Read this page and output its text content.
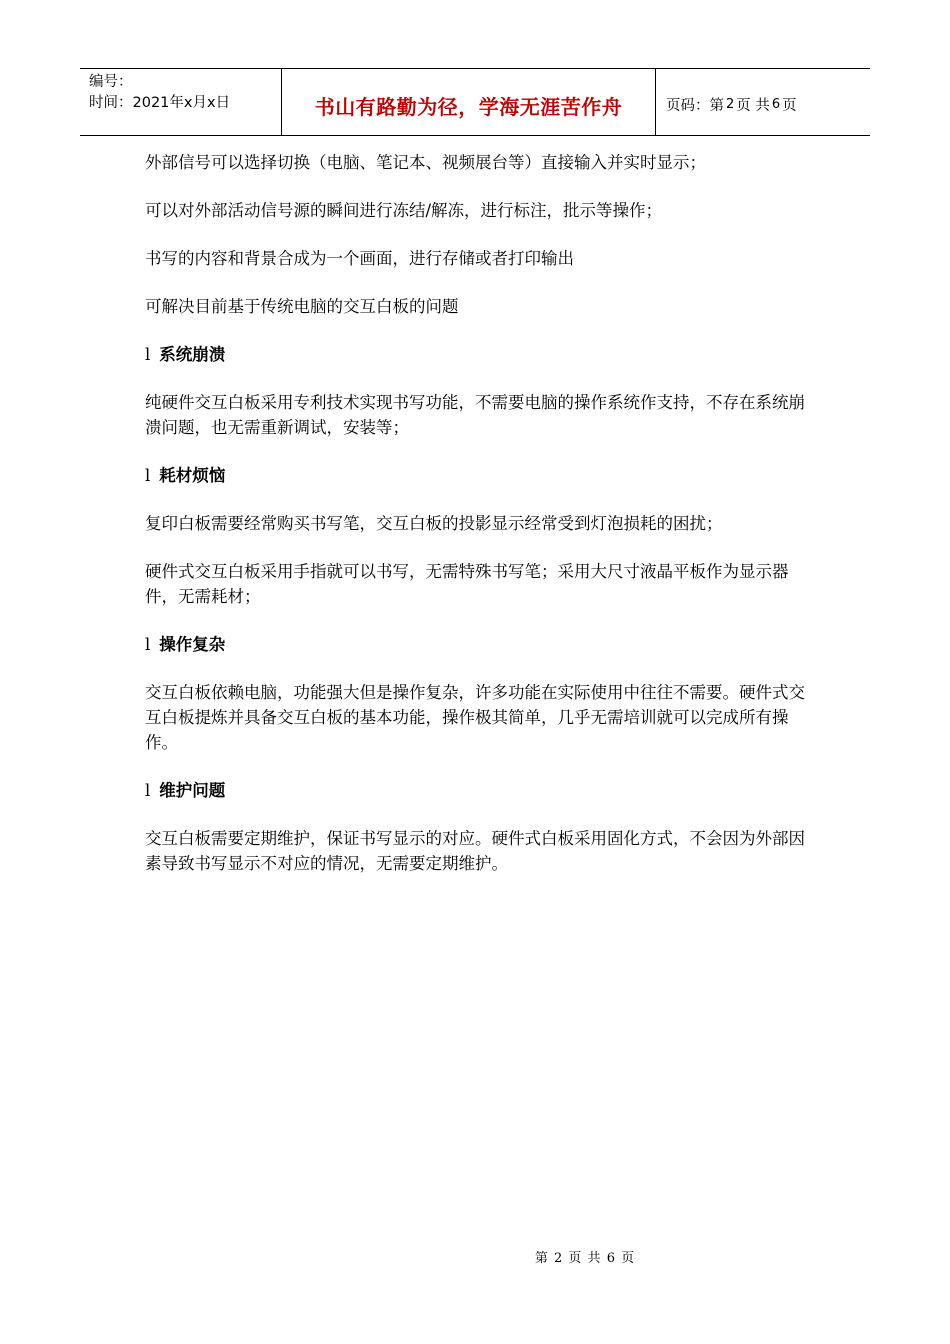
编号：
时间：2021年x月x日	书山有路勤为径，学海无涯苦作舟	页码：第 2 页 共 6 页

外部信号可以选择切换（电脑、笔记本、视频展台等）直接输入并实时显示；

可以对外部活动信号源的瞬间进行冻结/解冻，进行标注，批示等操作；

书写的内容和背景合成为一个画面，进行存储或者打印输出

可解决目前基于传统电脑的交互白板的问题

l 系统崩溃

纯硬件交互白板采用专利技术实现书写功能，不需要电脑的操作系统作支持，不存在系统崩溃问题，也无需重新调试，安装等；

l 耗材烦恼

复印白板需要经常购买书写笔，交互白板的投影显示经常受到灯泡损耗的困扰；

硬件式交互白板采用手指就可以书写，无需特殊书写笔；采用大尺寸液晶平板作为显示器件，无需耗材；

l 操作复杂

交互白板依赖电脑，功能强大但是操作复杂，许多功能在实际使用中往往不需要。硬件式交互白板提炼并具备交互白板的基本功能，操作极其简单，几乎无需培训就可以完成所有操作。

l 维护问题

交互白板需要定期维护，保证书写显示的对应。硬件式白板采用固化方式，不会因为外部因素导致书写显示不对应的情况，无需要定期维护。

第 2 页 共 6 页
